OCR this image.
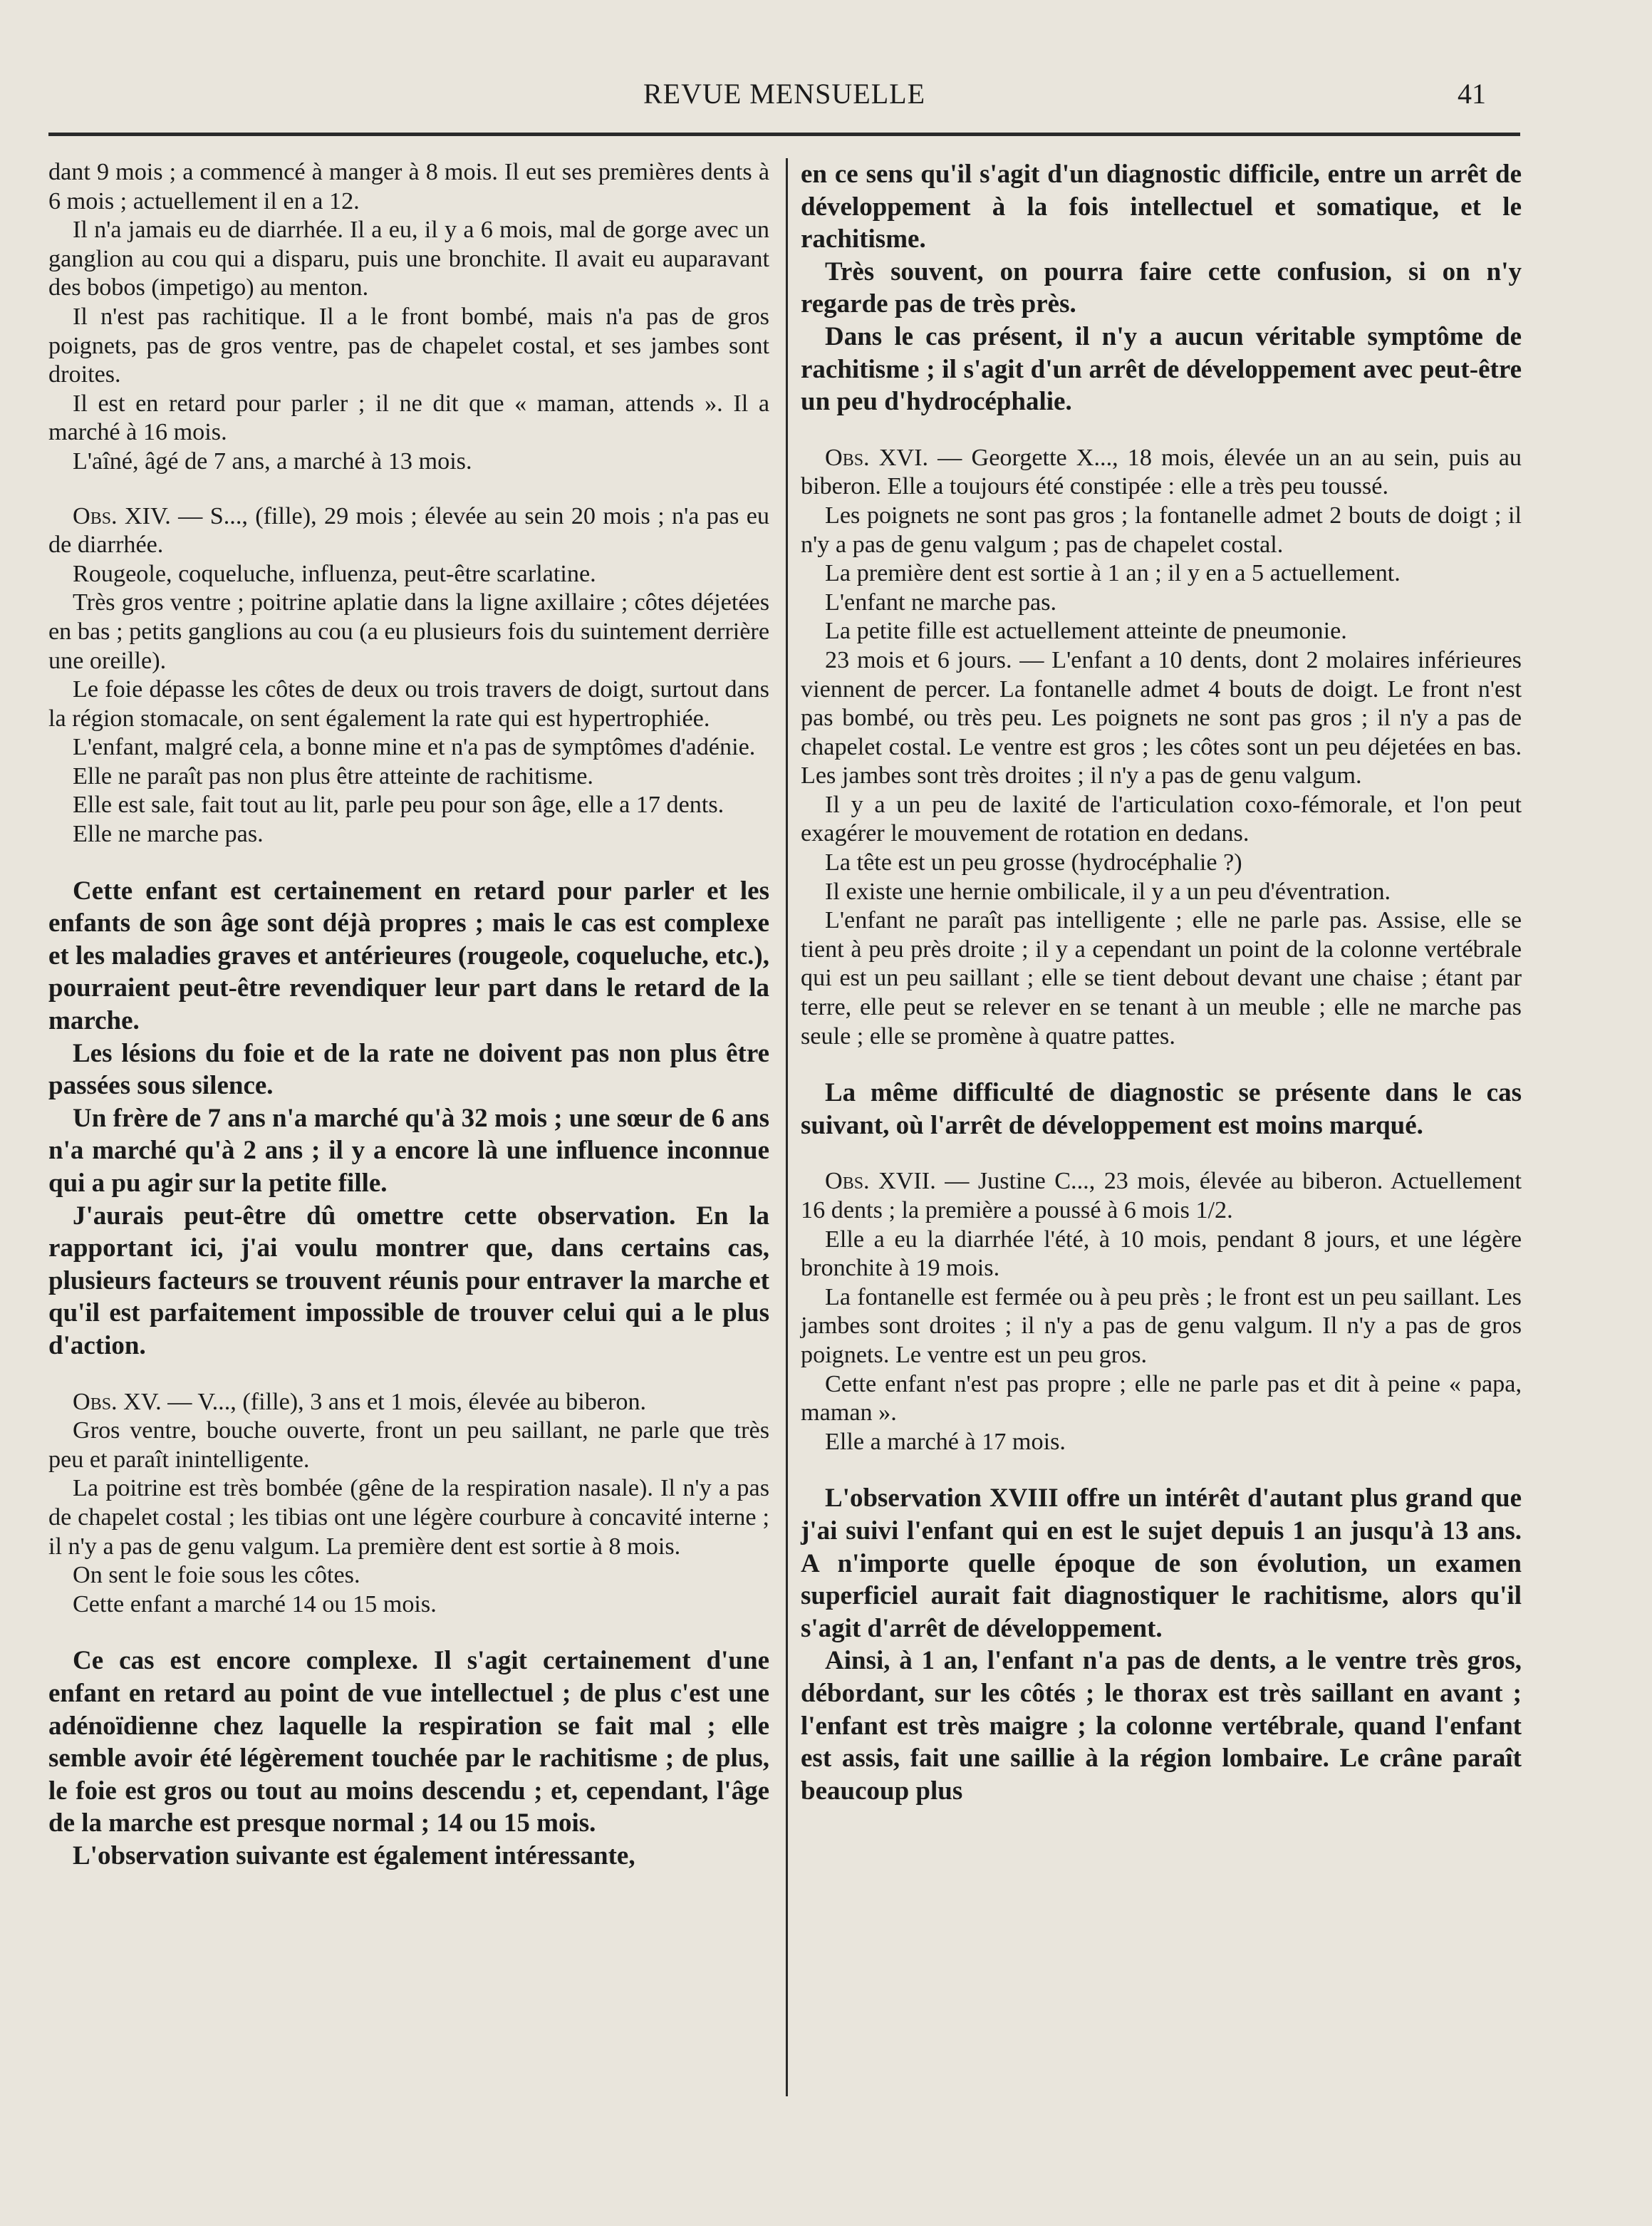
REVUE MENSUELLE	41

dant 9 mois ; a commencé à manger à 8 mois. Il eut ses premières dents à 6 mois ; actuellement il en a 12.

Il n'a jamais eu de diarrhée. Il a eu, il y a 6 mois, mal de gorge avec un ganglion au cou qui a disparu, puis une bronchite. Il avait eu auparavant des bobos (impetigo) au menton.

Il n'est pas rachitique. Il a le front bombé, mais n'a pas de gros poignets, pas de gros ventre, pas de chapelet costal, et ses jambes sont droites.

Il est en retard pour parler ; il ne dit que « maman, attends ». Il a marché à 16 mois.

L'aîné, âgé de 7 ans, a marché à 13 mois.

Obs. XIV. — S..., (fille), 29 mois ; élevée au sein 20 mois ; n'a pas eu de diarrhée.

Rougeole, coqueluche, influenza, peut-être scarlatine.

Très gros ventre ; poitrine aplatie dans la ligne axillaire ; côtes déjetées en bas ; petits ganglions au cou (a eu plusieurs fois du suintement derrière une oreille).

Le foie dépasse les côtes de deux ou trois travers de doigt, surtout dans la région stomacale, on sent également la rate qui est hypertrophiée.

L'enfant, malgré cela, a bonne mine et n'a pas de symptômes d'adénie.

Elle ne paraît pas non plus être atteinte de rachitisme.

Elle est sale, fait tout au lit, parle peu pour son âge, elle a 17 dents.

Elle ne marche pas.

Cette enfant est certainement en retard pour parler et les enfants de son âge sont déjà propres ; mais le cas est complexe et les maladies graves et antérieures (rougeole, coqueluche, etc.), pourraient peut-être revendiquer leur part dans le retard de la marche.

Les lésions du foie et de la rate ne doivent pas non plus être passées sous silence.

Un frère de 7 ans n'a marché qu'à 32 mois ; une sœur de 6 ans n'a marché qu'à 2 ans ; il y a encore là une influence inconnue qui a pu agir sur la petite fille.

J'aurais peut-être dû omettre cette observation. En la rapportant ici, j'ai voulu montrer que, dans certains cas, plusieurs facteurs se trouvent réunis pour entraver la marche et qu'il est parfaitement impossible de trouver celui qui a le plus d'action.

Obs. XV. — V..., (fille), 3 ans et 1 mois, élevée au biberon.

Gros ventre, bouche ouverte, front un peu saillant, ne parle que très peu et paraît inintelligente.

La poitrine est très bombée (gêne de la respiration nasale). Il n'y a pas de chapelet costal ; les tibias ont une légère courbure à concavité interne ; il n'y a pas de genu valgum. La première dent est sortie à 8 mois.

On sent le foie sous les côtes.

Cette enfant a marché 14 ou 15 mois.

Ce cas est encore complexe. Il s'agit certainement d'une enfant en retard au point de vue intellectuel ; de plus c'est une adénoïdienne chez laquelle la respiration se fait mal ; elle semble avoir été légèrement touchée par le rachitisme ; de plus, le foie est gros ou tout au moins descendu ; et, cependant, l'âge de la marche est presque normal ; 14 ou 15 mois.

L'observation suivante est également intéressante,

en ce sens qu'il s'agit d'un diagnostic difficile, entre un arrêt de développement à la fois intellectuel et somatique, et le rachitisme.

Très souvent, on pourra faire cette confusion, si on n'y regarde pas de très près.

Dans le cas présent, il n'y a aucun véritable symptôme de rachitisme ; il s'agit d'un arrêt de développement avec peut-être un peu d'hydrocéphalie.

Obs. XVI. — Georgette X..., 18 mois, élevée un an au sein, puis au biberon. Elle a toujours été constipée : elle a très peu toussé.

Les poignets ne sont pas gros ; la fontanelle admet 2 bouts de doigt ; il n'y a pas de genu valgum ; pas de chapelet costal.

La première dent est sortie à 1 an ; il y en a 5 actuellement.

L'enfant ne marche pas.

La petite fille est actuellement atteinte de pneumonie.

23 mois et 6 jours. — L'enfant a 10 dents, dont 2 molaires inférieures viennent de percer. La fontanelle admet 4 bouts de doigt. Le front n'est pas bombé, ou très peu. Les poignets ne sont pas gros ; il n'y a pas de chapelet costal. Le ventre est gros ; les côtes sont un peu déjetées en bas. Les jambes sont très droites ; il n'y a pas de genu valgum.

Il y a un peu de laxité de l'articulation coxo-fémorale, et l'on peut exagérer le mouvement de rotation en dedans.

La tête est un peu grosse (hydrocéphalie ?)

Il existe une hernie ombilicale, il y a un peu d'éventration.

L'enfant ne paraît pas intelligente ; elle ne parle pas. Assise, elle se tient à peu près droite ; il y a cependant un point de la colonne vertébrale qui est un peu saillant ; elle se tient debout devant une chaise ; étant par terre, elle peut se relever en se tenant à un meuble ; elle ne marche pas seule ; elle se promène à quatre pattes.

La même difficulté de diagnostic se présente dans le cas suivant, où l'arrêt de développement est moins marqué.

Obs. XVII. — Justine C..., 23 mois, élevée au biberon. Actuellement 16 dents ; la première a poussé à 6 mois 1/2.

Elle a eu la diarrhée l'été, à 10 mois, pendant 8 jours, et une légère bronchite à 19 mois.

La fontanelle est fermée ou à peu près ; le front est un peu saillant. Les jambes sont droites ; il n'y a pas de genu valgum. Il n'y a pas de gros poignets. Le ventre est un peu gros.

Cette enfant n'est pas propre ; elle ne parle pas et dit à peine « papa, maman ».

Elle a marché à 17 mois.

L'observation XVIII offre un intérêt d'autant plus grand que j'ai suivi l'enfant qui en est le sujet depuis 1 an jusqu'à 13 ans. A n'importe quelle époque de son évolution, un examen superficiel aurait fait diagnostiquer le rachitisme, alors qu'il s'agit d'arrêt de développement.

Ainsi, à 1 an, l'enfant n'a pas de dents, a le ventre très gros, débordant, sur les côtés ; le thorax est très saillant en avant ; l'enfant est très maigre ; la colonne vertébrale, quand l'enfant est assis, fait une saillie à la région lombaire. Le crâne paraît beaucoup plus
